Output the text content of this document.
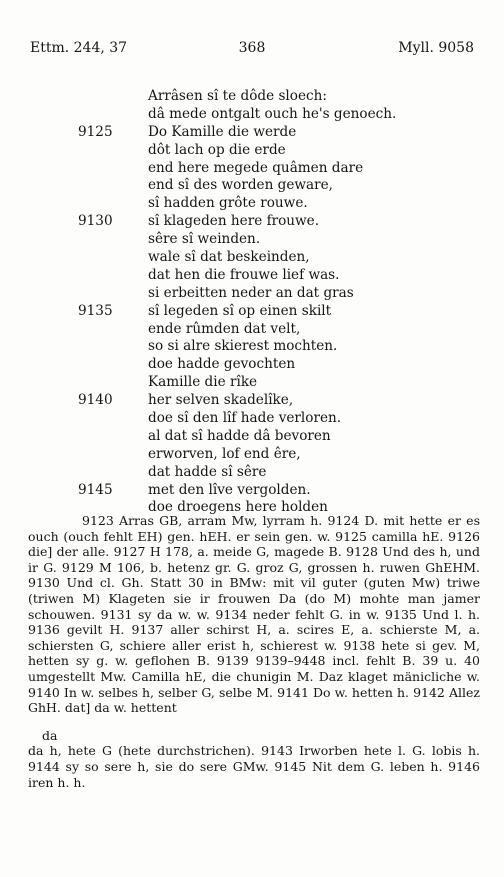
Ettm. 244, 37	368	Myll. 9058
Arrâsen sî te dôde sloech:
dâ mede ontgalt ouch he's genoech.
9125	Do Kamille die werde
dôt lach op die erde
end here megede quâmen dare
end sî des worden geware,
sî hadden grôte rouwe.
9130	sî klageden here frouwe.
sêre sî weinden.
wale sî dat beskeinden,
dat hen die frouwe lief was.
si erbeitten neder an dat gras
9135	sî legeden sî op einen skilt
ende rûmden dat velt,
so si alre skierest mochten.
doe hadde gevochten
Kamille die rîke
9140	her selven skadelîke,
doe sî den lîf hade verloren.
al dat sî hadde dâ bevoren
erworven, lof end êre,
dat hadde sî sêre
9145	met den lîve vergolden.
doe droegens here holden

9123 Arras GB, arram Mw, lyrram h. 9124 D. mit hette er es ouch (ouch fehlt EH) gen. hEH. er sein gen. w. 9125 camilla hE. 9126 die] der alle. 9127 H 178, a. meide G, magede B. 9128 Und des h, und ir G. 9129 M 106, b. hetenz gr. G. groz G, grossen h. ruwen GhEHM. 9130 Und cl. Gh. Statt 30 in BMw: mit vil guter (guten Mw) triwe (triwen M) Klageten sie ir frouwen Da (do M) mohte man jamer schouwen. 9131 sy da w. w. 9134 neder fehlt G. in w. 9135 Und l. h. 9136 gevilt H. 9137 aller schirst H, a. scires E, a. schierste M, a. schiersten G, schiere aller erist h, schierest w. 9138 hete si gev. M, hetten sy g. w. geflohen B. 9139 9139–9448 incl. fehlt B. 39 u. 40 umgestellt Mw. Camilla hE, die chunigin M. Daz klaget mänicliche w. 9140 In w. selbes h, selber G, selbe M. 9141 Do w. hetten h. 9142 Allez GhH. dat] da w. hettent

da

da h, hete G (hete durchstrichen). 9143 Irworben hete l. G. lobis h. 9144 sy so sere h, sie do sere GMw. 9145 Nit dem G. leben h. 9146 iren h. h.
